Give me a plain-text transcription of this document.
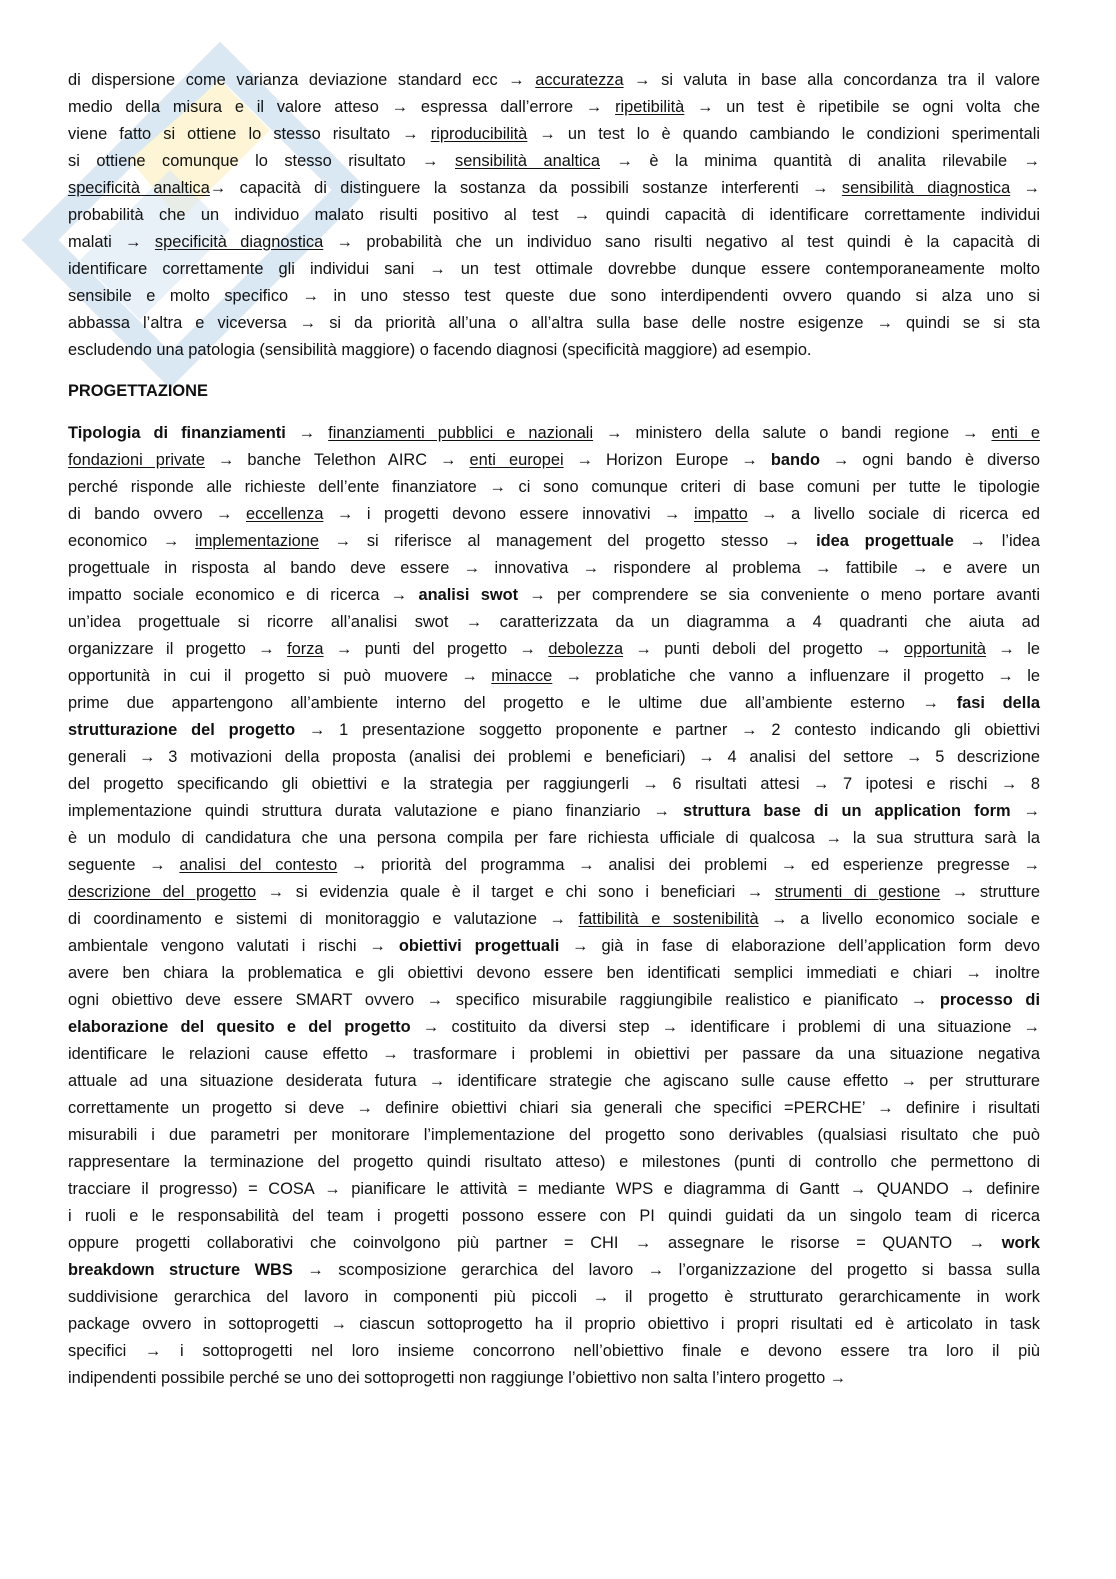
di dispersione come varianza deviazione standard ecc → accuratezza → si valuta in base alla concordanza tra il valore
medio della misura e il valore atteso → espressa dall’errore → ripetibilità → un test è ripetibile se ogni volta che
viene fatto si ottiene lo stesso risultato → riproducibilità → un test lo è quando cambiando le condizioni sperimentali
si ottiene comunque lo stesso risultato → sensibilità analtica → è la minima quantità di analita rilevabile →
specificità analtica→ capacità di distinguere la sostanza da possibili sostanze interferenti → sensibilità diagnostica →
probabilità che un individuo malato risulti positivo al test → quindi capacità di identificare correttamente individui
malati → specificità diagnostica → probabilità che un individuo sano risulti negativo al test quindi è la capacità di
identificare correttamente gli individui sani → un test ottimale dovrebbe dunque essere contemporaneamente molto
sensibile e molto specifico → in uno stesso test queste due sono interdipendenti ovvero quando si alza uno si
abbassa l’altra e viceversa → si da priorità all’una o all’altra sulla base delle nostre esigenze → quindi se si sta
escludendo una patologia (sensibilità maggiore) o facendo diagnosi (specificità maggiore) ad esempio.
PROGETTAZIONE
Tipologia di finanziamenti → finanziamenti pubblici e nazionali → ministero della salute o bandi regione → enti e
fondazioni private → banche Telethon AIRC → enti europei → Horizon Europe → bando → ogni bando è diverso
perché risponde alle richieste dell’ente finanziatore → ci sono comunque criteri di base comuni per tutte le tipologie
di bando ovvero → eccellenza → i progetti devono essere innovativi → impatto → a livello sociale di ricerca ed
economico → implementazione → si riferisce al management del progetto stesso → idea progettuale → l’idea
progettuale in risposta al bando deve essere → innovativa → rispondere al problema → fattibile → e avere un
impatto sociale economico e di ricerca → analisi swot → per comprendere se sia conveniente o meno portare avanti
un’idea progettuale si ricorre all’analisi swot → caratterizzata da un diagramma a 4 quadranti che aiuta ad
organizzare il progetto → forza → punti del progetto → debolezza → punti deboli del progetto → opportunità → le
opportunità in cui il progetto si può muovere → minacce → problatiche che vanno a influenzare il progetto → le
prime due appartengono all’ambiente interno del progetto e le ultime due all’ambiente esterno → fasi della
strutturazione del progetto → 1 presentazione soggetto proponente e partner → 2 contesto indicando gli obiettivi
generali → 3 motivazioni della proposta (analisi dei problemi e beneficiari) → 4 analisi del settore → 5 descrizione
del progetto specificando gli obiettivi e la strategia per raggiungerli → 6 risultati attesi → 7 ipotesi e rischi → 8
implementazione quindi struttura durata valutazione e piano finanziario → struttura base di un application form →
è un modulo di candidatura che una persona compila per fare richiesta ufficiale di qualcosa → la sua struttura sarà la
seguente → analisi del contesto → priorità del programma → analisi dei problemi → ed esperienze pregresse →
descrizione del progetto → si evidenzia quale è il target e chi sono i beneficiari → strumenti di gestione → strutture
di coordinamento e sistemi di monitoraggio e valutazione → fattibilità e sostenibilità → a livello economico sociale e
ambientale vengono valutati i rischi → obiettivi progettuali → già in fase di elaborazione dell’application form devo
avere ben chiara la problematica e gli obiettivi devono essere ben identificati semplici immediati e chiari → inoltre
ogni obiettivo deve essere SMART ovvero → specifico misurabile raggiungibile realistico e pianificato → processo di
elaborazione del quesito e del progetto → costituito da diversi step → identificare i problemi di una situazione →
identificare le relazioni cause effetto → trasformare i problemi in obiettivi per passare da una situazione negativa
attuale ad una situazione desiderata futura → identificare strategie che agiscano sulle cause effetto → per strutturare
correttamente un progetto si deve → definire obiettivi chiari sia generali che specifici =PERCHE’ → definire i risultati
misurabili i due parametri per monitorare l’implementazione del progetto sono derivables (qualsiasi risultato che può
rappresentare la terminazione del progetto quindi risultato atteso) e milestones (punti di controllo che permettono di
tracciare il progresso) = COSA → pianificare le attività = mediante WPS e diagramma di Gantt → QUANDO → definire
i ruoli e le responsabilità del team i progetti possono essere con PI quindi guidati da un singolo team di ricerca
oppure progetti collaborativi che coinvolgono più partner = CHI → assegnare le risorse = QUANTO → work
breakdown structure WBS → scomposizione gerarchica del lavoro → l’organizzazione del progetto si bassa sulla
suddivisione gerarchica del lavoro in componenti più piccoli → il progetto è strutturato gerarchicamente in work
package ovvero in sottoprogetti → ciascun sottoprogetto ha il proprio obiettivo i propri risultati ed è articolato in task
specifici → i sottoprogetti nel loro insieme concorrono nell’obiettivo finale e devono essere tra loro il più
indipendenti possibile perché se uno dei sottoprogetti non raggiunge l’obiettivo non salta l’intero progetto →
